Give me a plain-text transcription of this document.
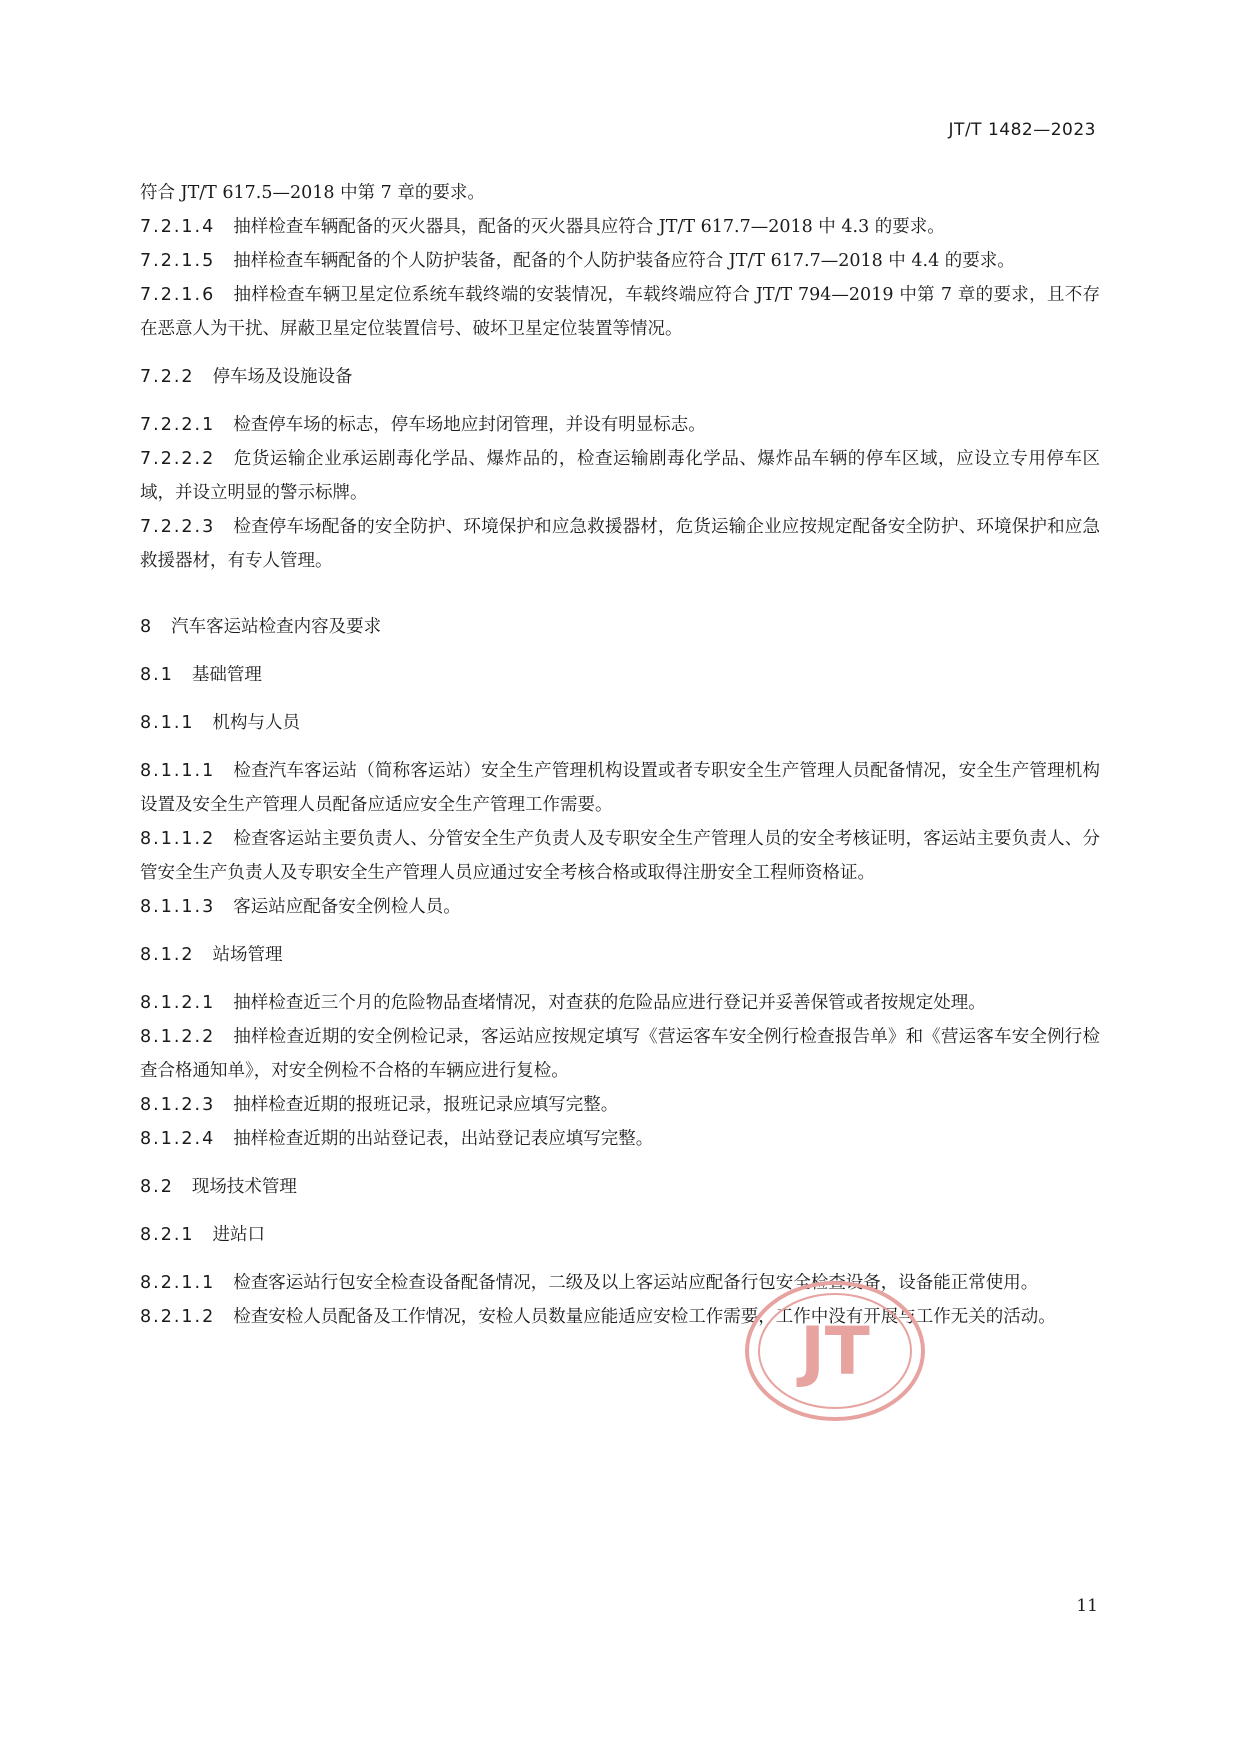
JT/T 1482—2023

符合 JT/T 617.5—2018 中第 7 章的要求。

7.2.1.4 抽样检查车辆配备的灭火器具，配备的灭火器具应符合 JT/T 617.7—2018 中 4.3 的要求。

7.2.1.5 抽样检查车辆配备的个人防护装备，配备的个人防护装备应符合 JT/T 617.7—2018 中 4.4 的要求。

7.2.1.6 抽样检查车辆卫星定位系统车载终端的安装情况，车载终端应符合 JT/T 794—2019 中第 7 章的要求，且不存在恶意人为干扰、屏蔽卫星定位装置信号、破坏卫星定位装置等情况。

7.2.2 停车场及设施设备

7.2.2.1 检查停车场的标志，停车场地应封闭管理，并设有明显标志。

7.2.2.2 危货运输企业承运剧毒化学品、爆炸品的，检查运输剧毒化学品、爆炸品车辆的停车区域，应设立专用停车区域，并设立明显的警示标牌。

7.2.2.3 检查停车场配备的安全防护、环境保护和应急救援器材，危货运输企业应按规定配备安全防护、环境保护和应急救援器材，有专人管理。

8 汽车客运站检查内容及要求

8.1 基础管理

8.1.1 机构与人员

8.1.1.1 检查汽车客运站（简称客运站）安全生产管理机构设置或者专职安全生产管理人员配备情况，安全生产管理机构设置及安全生产管理人员配备应适应安全生产管理工作需要。

8.1.1.2 检查客运站主要负责人、分管安全生产负责人及专职安全生产管理人员的安全考核证明，客运站主要负责人、分管安全生产负责人及专职安全生产管理人员应通过安全考核合格或取得注册安全工程师资格证。

8.1.1.3 客运站应配备安全例检人员。

8.1.2 站场管理

8.1.2.1 抽样检查近三个月的危险物品查堵情况，对查获的危险品应进行登记并妥善保管或者按规定处理。

8.1.2.2 抽样检查近期的安全例检记录，客运站应按规定填写《营运客车安全例行检查报告单》和《营运客车安全例行检查合格通知单》，对安全例检不合格的车辆应进行复检。

8.1.2.3 抽样检查近期的报班记录，报班记录应填写完整。

8.1.2.4 抽样检查近期的出站登记表，出站登记表应填写完整。

8.2 现场技术管理

8.2.1 进站口

8.2.1.1 检查客运站行包安全检查设备配备情况，二级及以上客运站应配备行包安全检查设备，设备能正常使用。

8.2.1.2 检查安检人员配备及工作情况，安检人员数量应能适应安检工作需要，工作中没有开展与工作无关的活动。

JT
11
